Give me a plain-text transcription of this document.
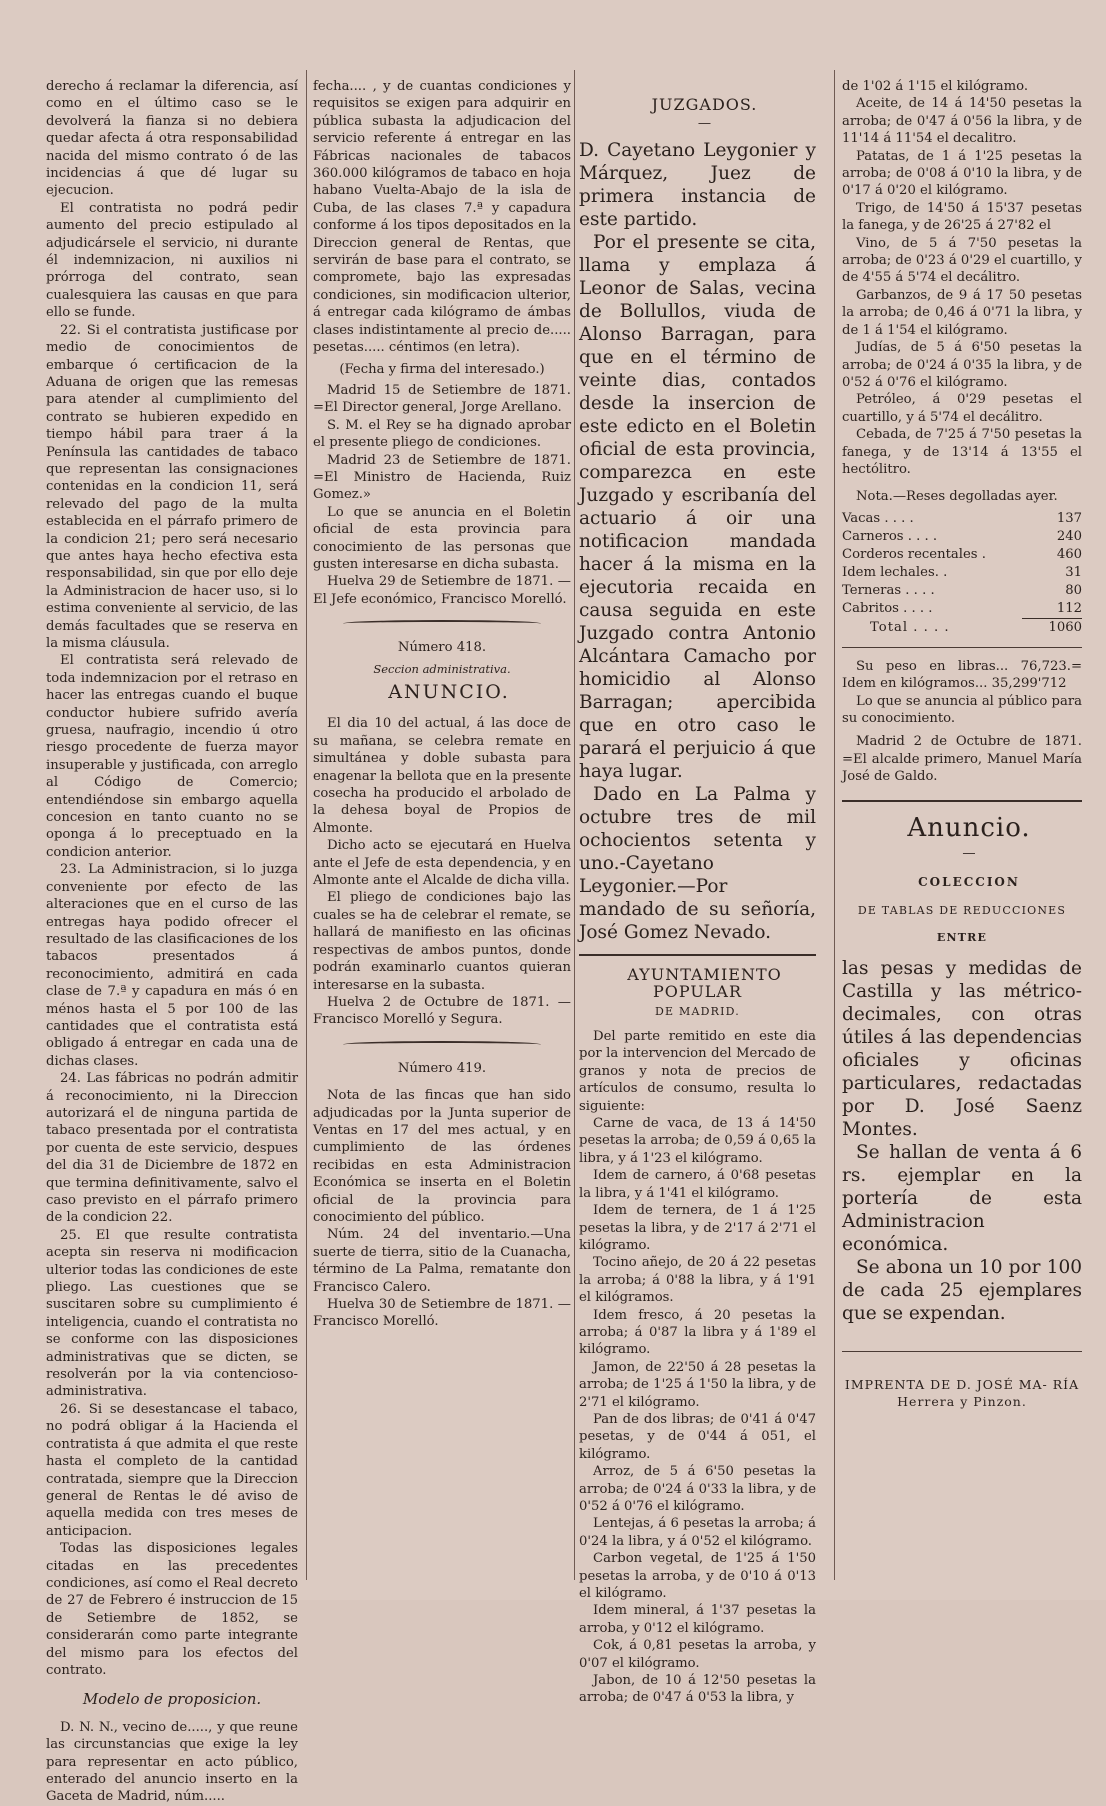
derecho á reclamar la diferencia, así como en el último caso se le devolverá la fianza si no debiera quedar afecta á otra responsabilidad nacida del mismo contrato ó de las incidencias á que dé lugar su ejecucion.

El contratista no podrá pedir aumento del precio estipulado al adjudicársele el servicio, ni durante él indemnizacion, ni auxilios ni prórroga del contrato, sean cualesquiera las causas en que para ello se funde.

22. Si el contratista justificase por medio de conocimientos de embarque ó certificacion de la Aduana de origen que las remesas para atender al cumplimiento del contrato se hubieren expedido en tiempo hábil para traer á la Península las cantidades de tabaco que representan las consignaciones contenidas en la condicion 11, será relevado del pago de la multa establecida en el párrafo primero de la condicion 21; pero será necesario que antes haya hecho efectiva esta responsabilidad, sin que por ello deje la Administracion de hacer uso, si lo estima conveniente al servicio, de las demás facultades que se reserva en la misma cláusula.

El contratista será relevado de toda indemnizacion por el retraso en hacer las entregas cuando el buque conductor hubiere sufrido avería gruesa, naufragio, incendio ú otro riesgo procedente de fuerza mayor insuperable y justificada, con arreglo al Código de Comercio; entendiéndose sin embargo aquella concesion en tanto cuanto no se oponga á lo preceptuado en la condicion anterior.

23. La Administracion, si lo juzga conveniente por efecto de las alteraciones que en el curso de las entregas haya podido ofrecer el resultado de las clasificaciones de los tabacos presentados á reconocimiento, admitirá en cada clase de 7.ª y capadura en más ó en ménos hasta el 5 por 100 de las cantidades que el contratista está obligado á entregar en cada una de dichas clases.

24. Las fábricas no podrán admitir á reconocimiento, ni la Direccion autorizará el de ninguna partida de tabaco presentada por el contratista por cuenta de este servicio, despues del dia 31 de Diciembre de 1872 en que termina definitivamente, salvo el caso previsto en el párrafo primero de la condicion 22.

25. El que resulte contratista acepta sin reserva ni modificacion ulterior todas las condiciones de este pliego. Las cuestiones que se suscitaren sobre su cumplimiento é inteligencia, cuando el contratista no se conforme con las disposiciones administrativas que se dicten, se resolverán por la via contencioso-administrativa.

26. Si se desestancase el tabaco, no podrá obligar á la Hacienda el contratista á que admita el que reste hasta el completo de la cantidad contratada, siempre que la Direccion general de Rentas le dé aviso de aquella medida con tres meses de anticipacion.

Todas las disposiciones legales citadas en las precedentes condiciones, así como el Real decreto de 27 de Febrero é instruccion de 15 de Setiembre de 1852, se considerarán como parte integrante del mismo para los efectos del contrato.

Modelo de proposicion.

D. N. N., vecino de....., y que reune las circunstancias que exige la ley para representar en acto público, enterado del anuncio inserto en la Gaceta de Madrid, núm.....

fecha.... , y de cuantas condiciones y requisitos se exigen para adquirir en pública subasta la adjudicacion del servicio referente á entregar en las Fábricas nacionales de tabacos 360.000 kilógramos de tabaco en hoja habano Vuelta-Abajo de la isla de Cuba, de las clases 7.ª y capadura conforme á los tipos depositados en la Direccion general de Rentas, que servirán de base para el contrato, se compromete, bajo las expresadas condiciones, sin modificacion ulterior, á entregar cada kilógramo de ámbas clases indistintamente al precio de..... pesetas..... céntimos (en letra).

(Fecha y firma del interesado.)

Madrid 15 de Setiembre de 1871. =El Director general, Jorge Arellano.

S. M. el Rey se ha dignado aprobar el presente pliego de condiciones.

Madrid 23 de Setiembre de 1871. =El Ministro de Hacienda, Ruiz Gomez.»

Lo que se anuncia en el Boletin oficial de esta provincia para conocimiento de las personas que gusten interesarse en dicha subasta.

Huelva 29 de Setiembre de 1871. —El Jefe económico, Francisco Morelló.

Número 418.

Seccion administrativa.

ANUNCIO.

El dia 10 del actual, á las doce de su mañana, se celebra remate en simultánea y doble subasta para enagenar la bellota que en la presente cosecha ha producido el arbolado de la dehesa boyal de Propios de Almonte.

Dicho acto se ejecutará en Huelva ante el Jefe de esta dependencia, y en Almonte ante el Alcalde de dicha villa.

El pliego de condiciones bajo las cuales se ha de celebrar el remate, se hallará de manifiesto en las oficinas respectivas de ambos puntos, donde podrán examinarlo cuantos quieran interesarse en la subasta.

Huelva 2 de Octubre de 1871. —Francisco Morelló y Segura.

Número 419.

Nota de las fincas que han sido adjudicadas por la Junta superior de Ventas en 17 del mes actual, y en cumplimiento de las órdenes recibidas en esta Administracion Económica se inserta en el Boletin oficial de la provincia para conocimiento del público.

Núm. 24 del inventario.—Una suerte de tierra, sitio de la Cuanacha, término de La Palma, rematante don Francisco Calero.

Huelva 30 de Setiembre de 1871. —Francisco Morelló.

JUZGADOS.

—

D. Cayetano Leygonier y Márquez, Juez de primera instancia de este partido.

Por el presente se cita, llama y emplaza á Leonor de Salas, vecina de Bollullos, viuda de Alonso Barragan, para que en el término de veinte dias, contados desde la insercion de este edicto en el Boletin oficial de esta provincia, comparezca en este Juzgado y escribanía del actuario á oir una notificacion mandada hacer á la misma en la ejecutoria recaida en causa seguida en este Juzgado contra Antonio Alcántara Camacho por homicidio al Alonso Barragan; apercibida que en otro caso le parará el perjuicio á que haya lugar.

Dado en La Palma y octubre tres de mil ochocientos setenta y uno.-Cayetano Leygonier.—Por mandado de su señoría, José Gomez Nevado.

AYUNTAMIENTO POPULAR

DE MADRID.

Del parte remitido en este dia por la intervencion del Mercado de granos y nota de precios de artículos de consumo, resulta lo siguiente:

Carne de vaca, de 13 á 14'50 pesetas la arroba; de 0,59 á 0,65 la libra, y á 1'23 el kilógramo.

Idem de carnero, á 0'68 pesetas la libra, y á 1'41 el kilógramo.

Idem de ternera, de 1 á 1'25 pesetas la libra, y de 2'17 á 2'71 el kilógramo.

Tocino añejo, de 20 á 22 pesetas la arroba; á 0'88 la libra, y á 1'91 el kilógramos.

Idem fresco, á 20 pesetas la arroba; á 0'87 la libra y á 1'89 el kilógramo.

Jamon, de 22'50 á 28 pesetas la arroba; de 1'25 á 1'50 la libra, y de 2'71 el kilógramo.

Pan de dos libras; de 0'41 á 0'47 pesetas, y de 0'44 á 051, el kilógramo.

Arroz, de 5 á 6'50 pesetas la arroba; de 0'24 á 0'33 la libra, y de 0'52 á 0'76 el kilógramo.

Lentejas, á 6 pesetas la arroba; á 0'24 la libra, y á 0'52 el kilógramo.

Carbon vegetal, de 1'25 á 1'50 pesetas la arroba, y de 0'10 á 0'13 el kilógramo.

Idem mineral, á 1'37 pesetas la arroba, y 0'12 el kilógramo.

Cok, á 0,81 pesetas la arroba, y 0'07 el kilógramo.

Jabon, de 10 á 12'50 pesetas la arroba; de 0'47 á 0'53 la libra, y

de 1'02 á 1'15 el kilógramo.

Aceite, de 14 á 14'50 pesetas la arroba; de 0'47 á 0'56 la libra, y de 11'14 á 11'54 el decalitro.

Patatas, de 1 á 1'25 pesetas la arroba; de 0'08 á 0'10 la libra, y de 0'17 á 0'20 el kilógramo.

Trigo, de 14'50 á 15'37 pesetas la fanega, y de 26'25 á 27'82 el

Vino, de 5 á 7'50 pesetas la arroba; de 0'23 á 0'29 el cuartillo, y de 4'55 á 5'74 el decálitro.

Garbanzos, de 9 á 17 50 pesetas la arroba; de 0,46 á 0'71 la libra, y de 1 á 1'54 el kilógramo.

Judías, de 5 á 6'50 pesetas la arroba; de 0'24 á 0'35 la libra, y de 0'52 á 0'76 el kilógramo.

Petróleo, á 0'29 pesetas el cuartillo, y á 5'74 el decálitro.

Cebada, de 7'25 á 7'50 pesetas la fanega, y de 13'14 á 13'55 el hectólitro.

Nota.—Reses degolladas ayer.

Vacas . . . .	137
Carneros . . . .	240
Corderos recentales .	460
Idem lechales. .	31
Terneras . . . .	80
Cabritos . . . .	112
Total . . . .	1060

Su peso en libras... 76,723.= Idem en kilógramos... 35,299'712

Lo que se anuncia al público para su conocimiento.

Madrid 2 de Octubre de 1871. =El alcalde primero, Manuel María José de Galdo.

Anuncio.

—

COLECCION

DE TABLAS DE REDUCCIONES

ENTRE

las pesas y medidas de Castilla y las métrico-decimales, con otras útiles á las dependencias oficiales y oficinas particulares, redactadas por D. José Saenz Montes.

Se hallan de venta á 6 rs. ejemplar en la portería de esta Administracion económica.

Se abona un 10 por 100 de cada 25 ejemplares que se expendan.

IMPRENTA DE D. JOSÉ MA- RÍA Herrera y Pinzon.
